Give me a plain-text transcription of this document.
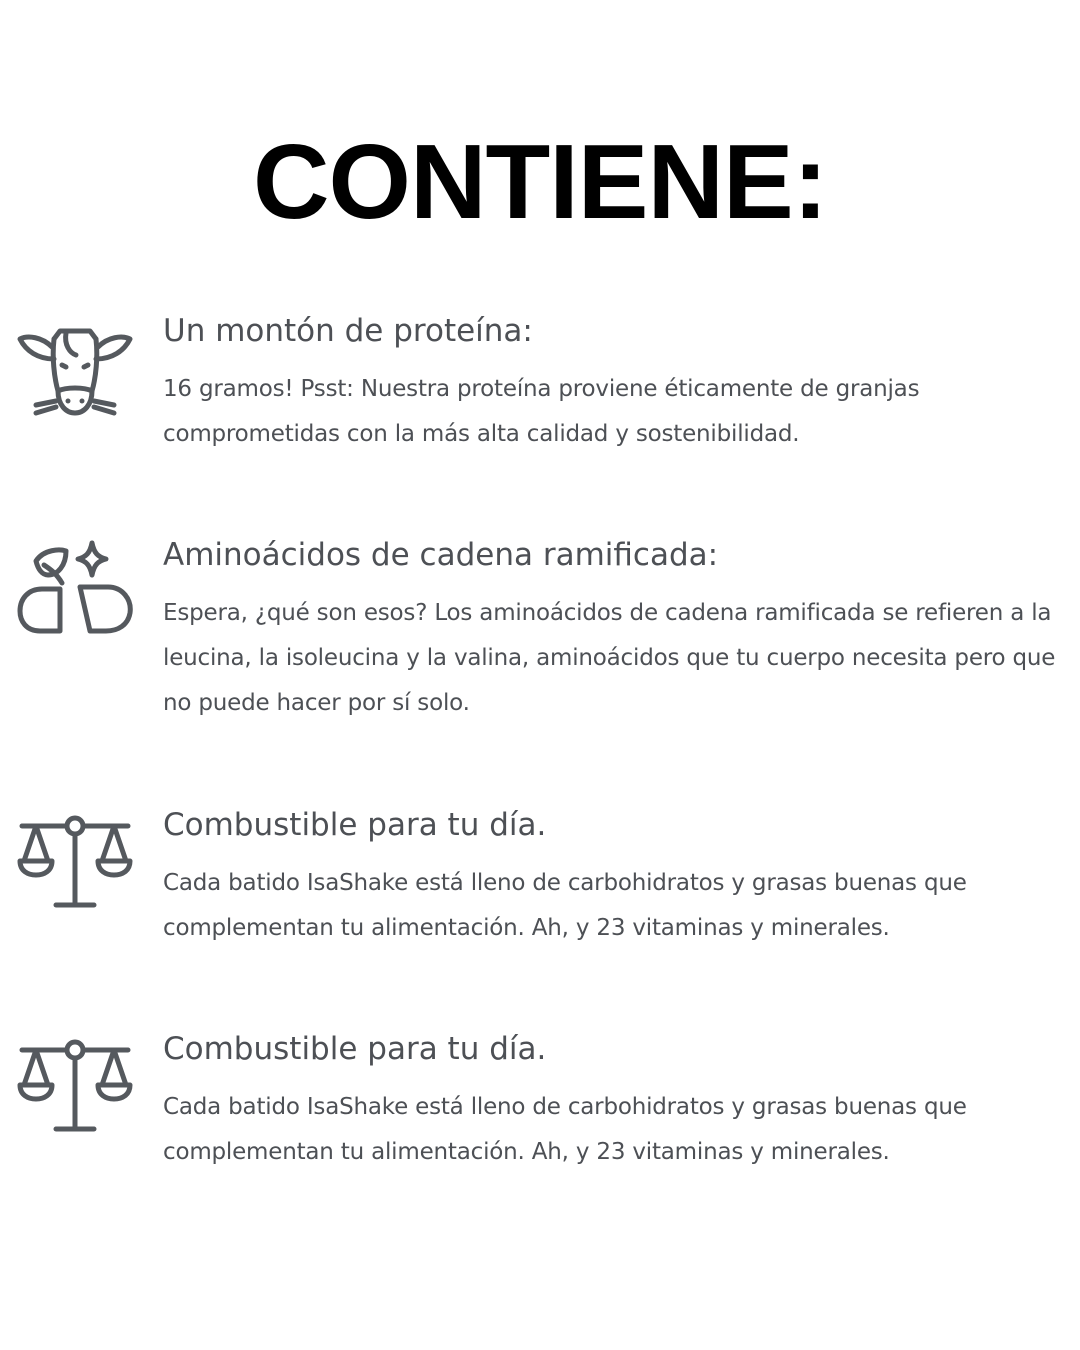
CONTIENE:
Un montón de proteína:

16 gramos! Psst: Nuestra proteína proviene éticamente de granjas comprometidas con la más alta calidad y sostenibilidad.

Aminoácidos de cadena ramificada:

Espera, ¿qué son esos? Los aminoácidos de cadena ramificada se refieren a la leucina, la isoleucina y la valina, aminoácidos que tu cuerpo necesita pero que no puede hacer por sí solo.

Combustible para tu día.

Cada batido IsaShake está lleno de carbohidratos y grasas buenas que complementan tu alimentación. Ah, y 23 vitaminas y minerales.

Combustible para tu día.

Cada batido IsaShake está lleno de carbohidratos y grasas buenas que complementan tu alimentación. Ah, y 23 vitaminas y minerales.
